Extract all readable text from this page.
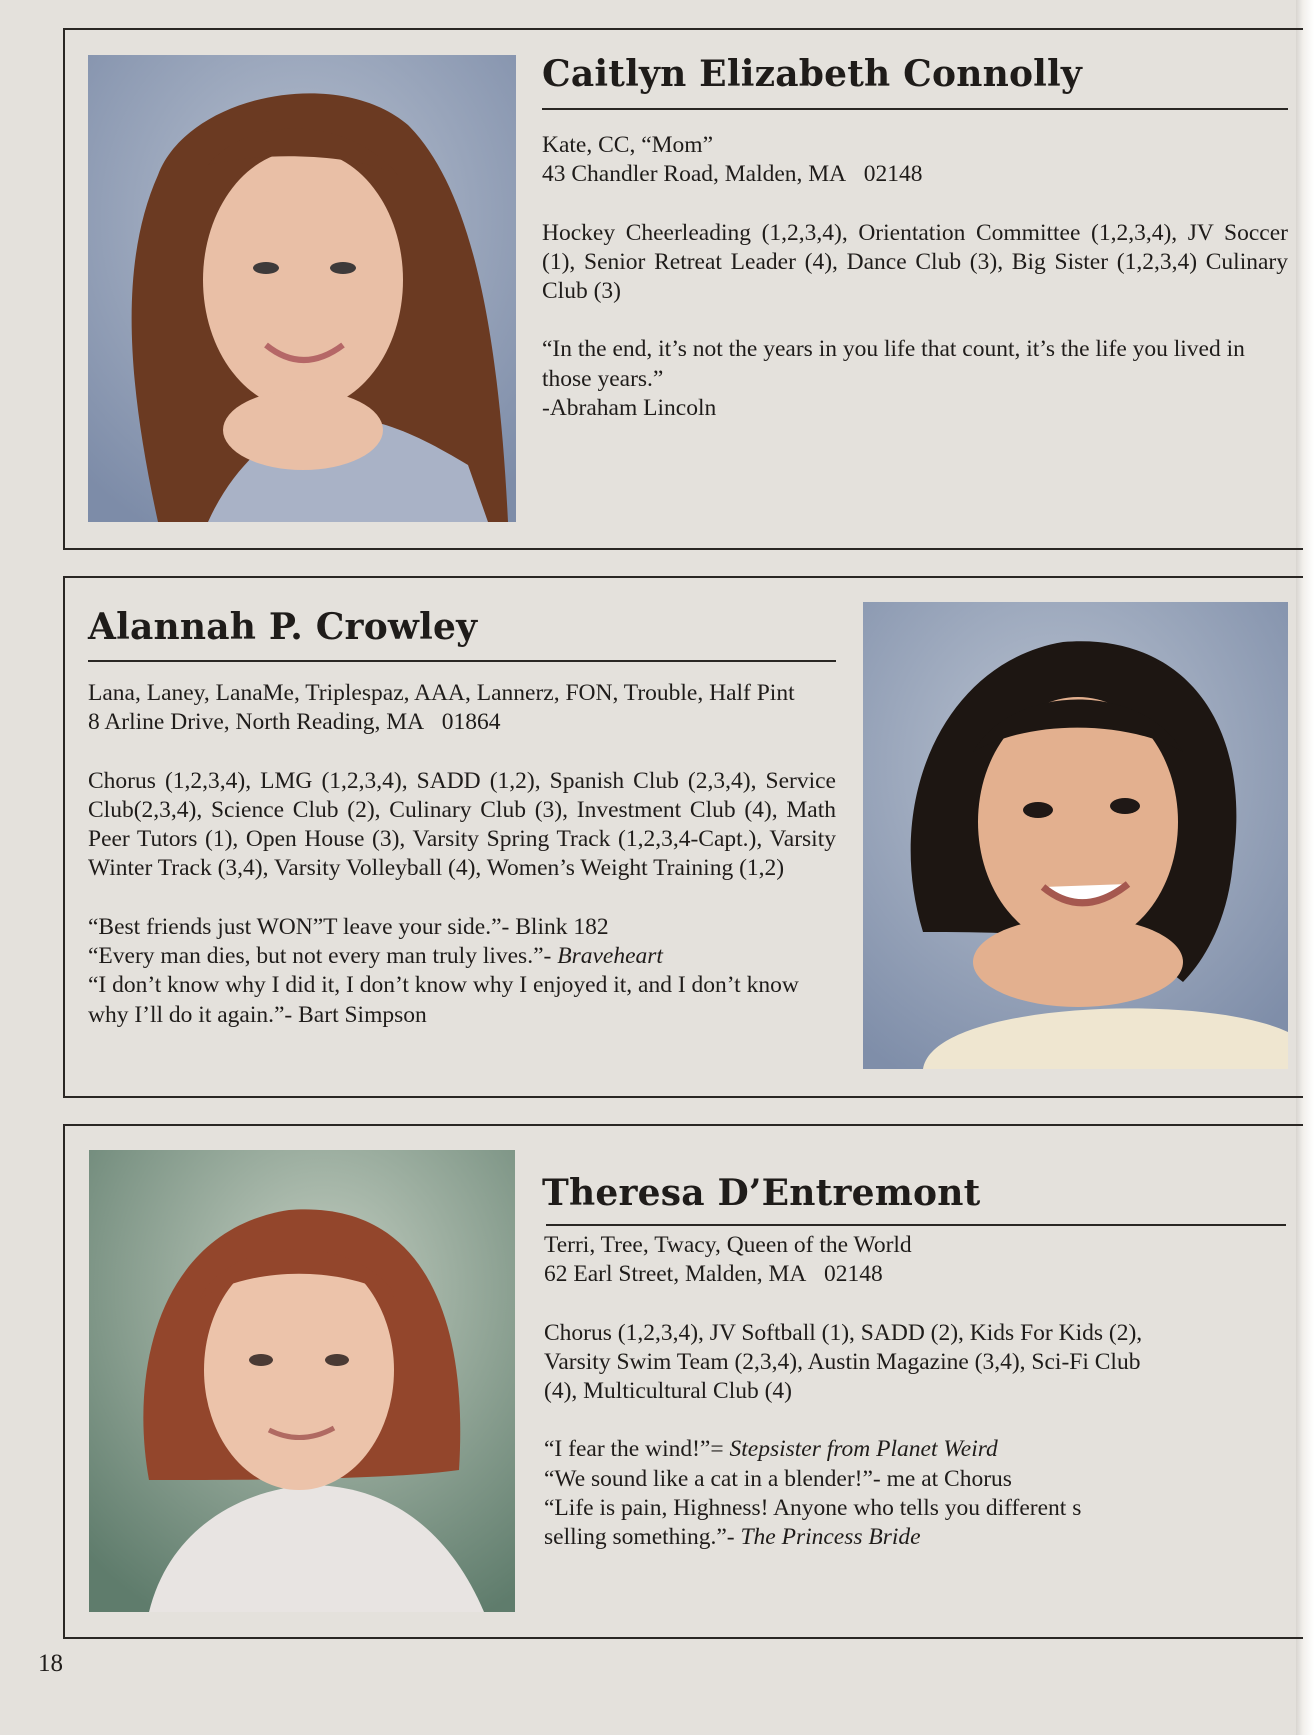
Caitlyn Elizabeth Connolly

Kate, CC, “Mom”

43 Chandler Road, Malden, MA   02148

Hockey Cheerleading (1,2,3,4), Orientation Committee (1,2,3,4), JV Soccer (1), Senior Retreat Leader (4), Dance Club (3), Big Sister (1,2,3,4) Culinary Club (3)

“In the end, it’s not the years in you life that count, it’s the life you lived in those years.”

-Abraham Lincoln

Alannah P. Crowley

Lana, Laney, LanaMe, Triplespaz, AAA, Lannerz, FON, Trouble, Half Pint

8 Arline Drive, North Reading, MA   01864

Chorus (1,2,3,4), LMG (1,2,3,4), SADD (1,2), Spanish Club (2,3,4), Service Club(2,3,4), Science Club (2), Culinary Club (3), Investment Club (4), Math Peer Tutors (1), Open House (3), Varsity Spring Track (1,2,3,4-Capt.), Varsity Winter Track (3,4), Varsity Volleyball (4), Women’s Weight Training (1,2)

“Best friends just WON”T leave your side.”- Blink 182

“Every man dies, but not every man truly lives.”- Braveheart

“I don’t know why I did it, I don’t know why I enjoyed it, and I don’t know why I’ll do it again.”- Bart Simpson

Theresa D’Entremont

Terri, Tree, Twacy, Queen of the World

62 Earl Street, Malden, MA   02148

Chorus (1,2,3,4), JV Softball (1), SADD (2), Kids For Kids (2), Varsity Swim Team (2,3,4), Austin Magazine (3,4), Sci-Fi Club (4), Multicultural Club (4)

“I fear the wind!”= Stepsister from Planet Weird

“We sound like a cat in a blender!”- me at Chorus

“Life is pain, Highness! Anyone who tells you different s selling something.”- The Princess Bride

18
